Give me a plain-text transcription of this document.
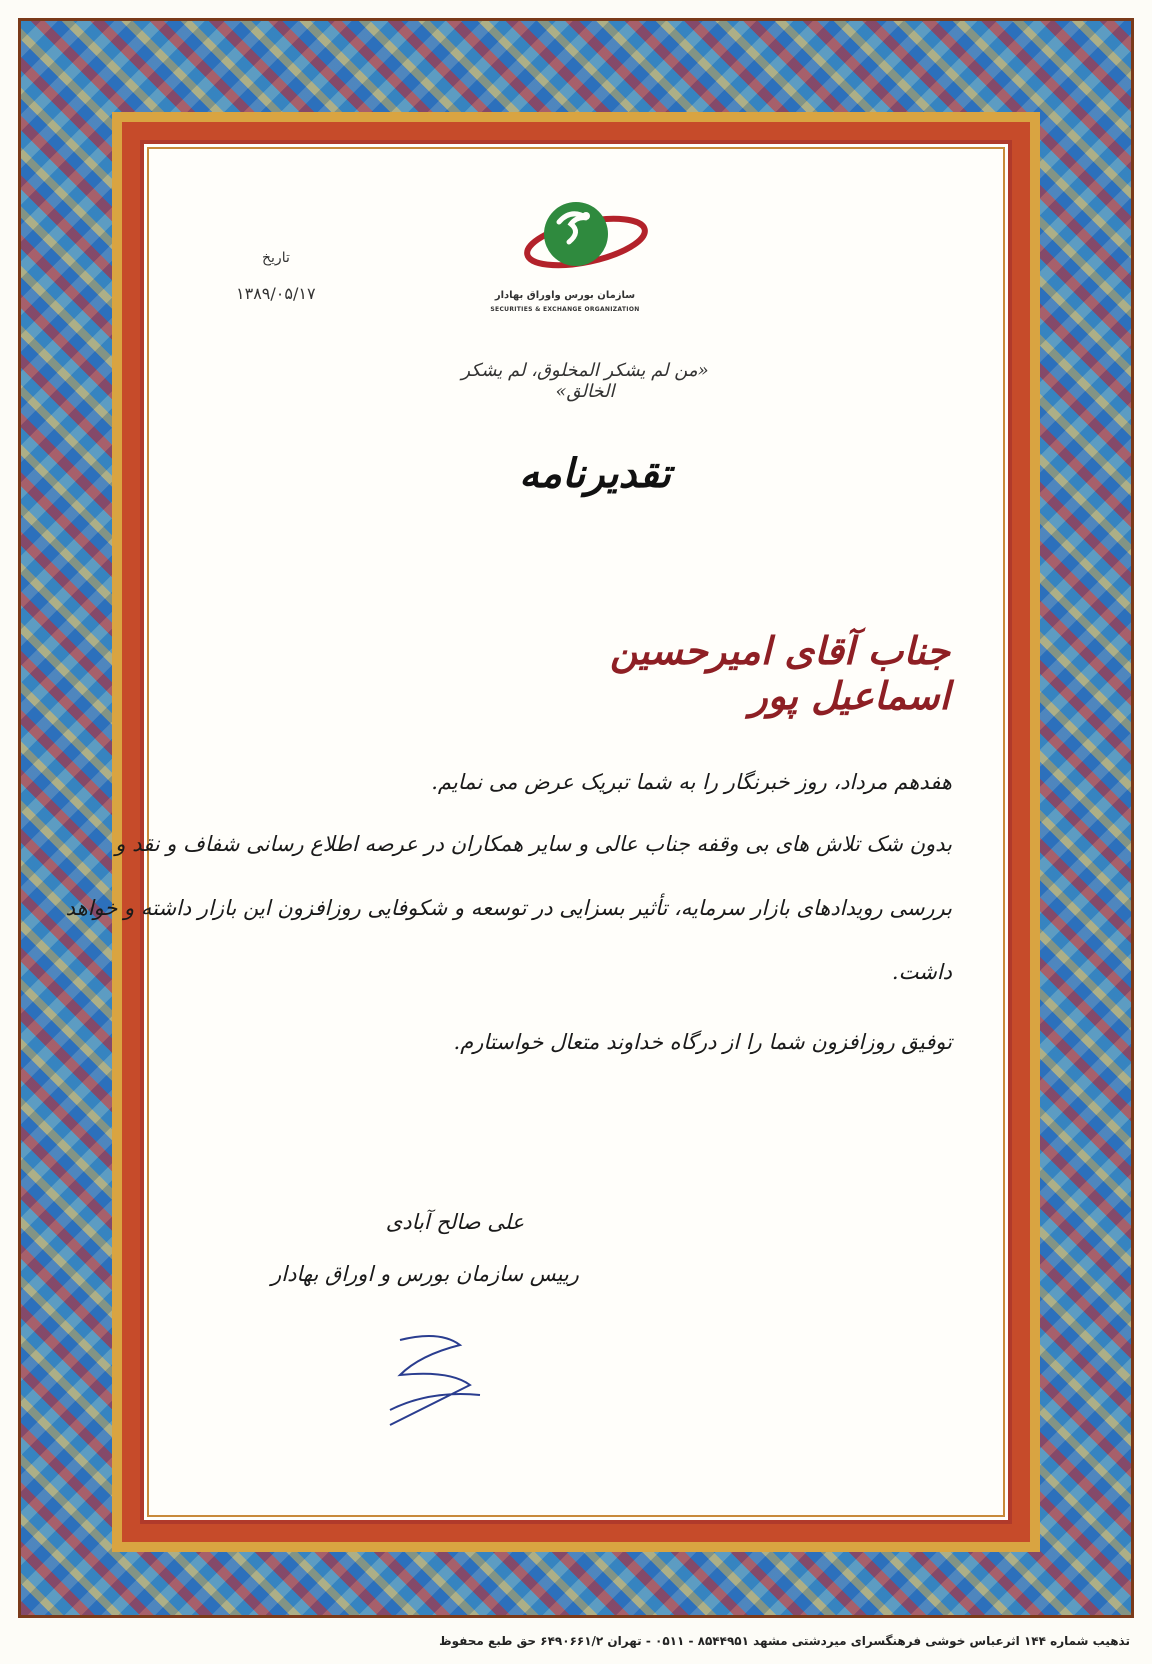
سازمان بورس واوراق بهادار
SECURITIES & EXCHANGE ORGANIZATION
تاریخ
۱۳۸۹/۰۵/۱۷
«من لم یشکر المخلوق، لم یشکر الخالق»
تقدیرنامه
جناب آقای امیرحسین اسماعیل پور
هفدهم مرداد، روز خبرنگار را به شما تبریک عرض می نمایم.
بدون شک تلاش های بی وقفه جناب عالی و سایر همکاران در عرصه اطلاع رسانی شفاف و نقد و
بررسی رویدادهای بازار سرمایه، تأثیر بسزایی در توسعه و شکوفایی روزافزون این بازار داشته و خواهد
داشت.
توفیق روزافزون شما را از درگاه خداوند متعال خواستارم.
علی صالح آبادی
رییس سازمان بورس و اوراق بهادار
تذهیب شماره ۱۴۴ اثرعباس خوشی فرهنگسرای میردشتی مشهد ۸۵۴۴۹۵۱ - ۰۵۱۱ - تهران ۶۴۹۰۶۶۱/۲ حق طبع محفوظ
